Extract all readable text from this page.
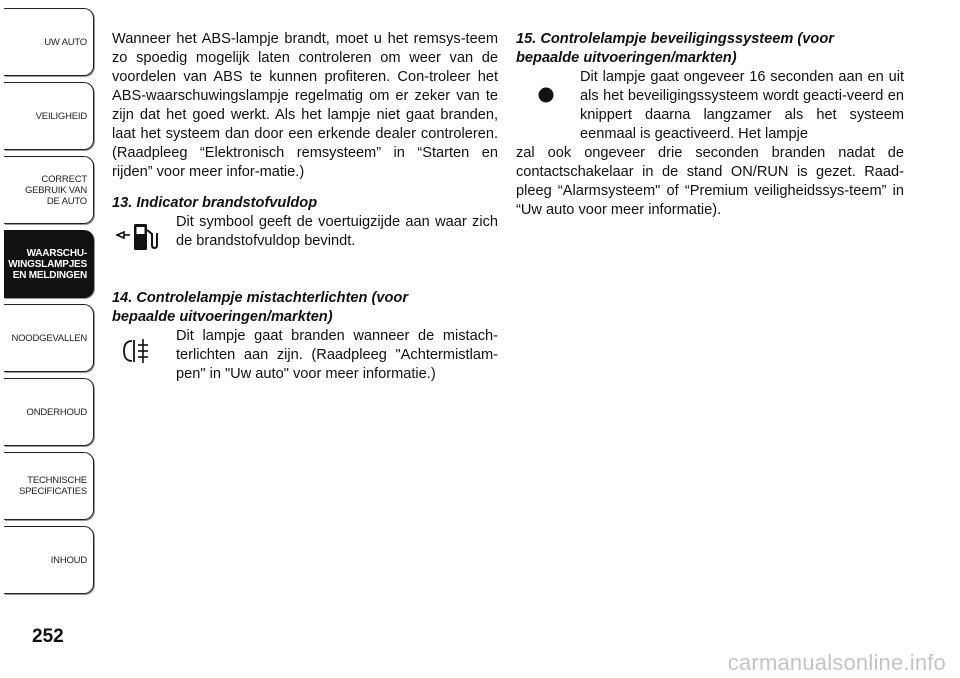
UW AUTO
VEILIGHEID
CORRECT
GEBRUIK VAN
DE AUTO
WAARSCHU-
WINGSLAMPJES
EN MELDINGEN
NOODGEVALLEN
ONDERHOUD
TECHNISCHE
SPECIFICATIES
INHOUD
252

Wanneer het ABS-lampje brandt, moet u het remsys-teem zo spoedig mogelijk laten controleren om weer van de voordelen van ABS te kunnen profiteren. Con-troleer het ABS-waarschuwingslampje regelmatig om er zeker van te zijn dat het goed werkt. Als het lampje niet gaat branden, laat het systeem dan door een erkende dealer controleren. (Raadpleeg “Elektronisch remsysteem” in “Starten en rijden” voor meer infor-matie.)

13. Indicator brandstofvuldop

Dit symbool geeft de voertuigzijde aan waar zich de brandstofvuldop bevindt.

14. Controlelampje mistachterlichten (voor

bepaalde uitvoeringen/markten)

Dit lampje gaat branden wanneer de mistach-terlichten aan zijn. (Raadpleeg "Achtermistlam-pen" in "Uw auto" voor meer informatie.)

15. Controlelampje beveiligingssysteem (voor

bepaalde uitvoeringen/markten)

Dit lampje gaat ongeveer 16 seconden aan en uit als het beveiligingssysteem wordt geacti-veerd en knippert daarna langzamer als het systeem eenmaal is geactiveerd. Het lampje

zal ook ongeveer drie seconden branden nadat de contactschakelaar in de stand ON/RUN is gezet. Raad-pleeg “Alarmsysteem" of “Premium veiligheidssys-teem” in “Uw auto voor meer informatie).

carmanualsonline.info
